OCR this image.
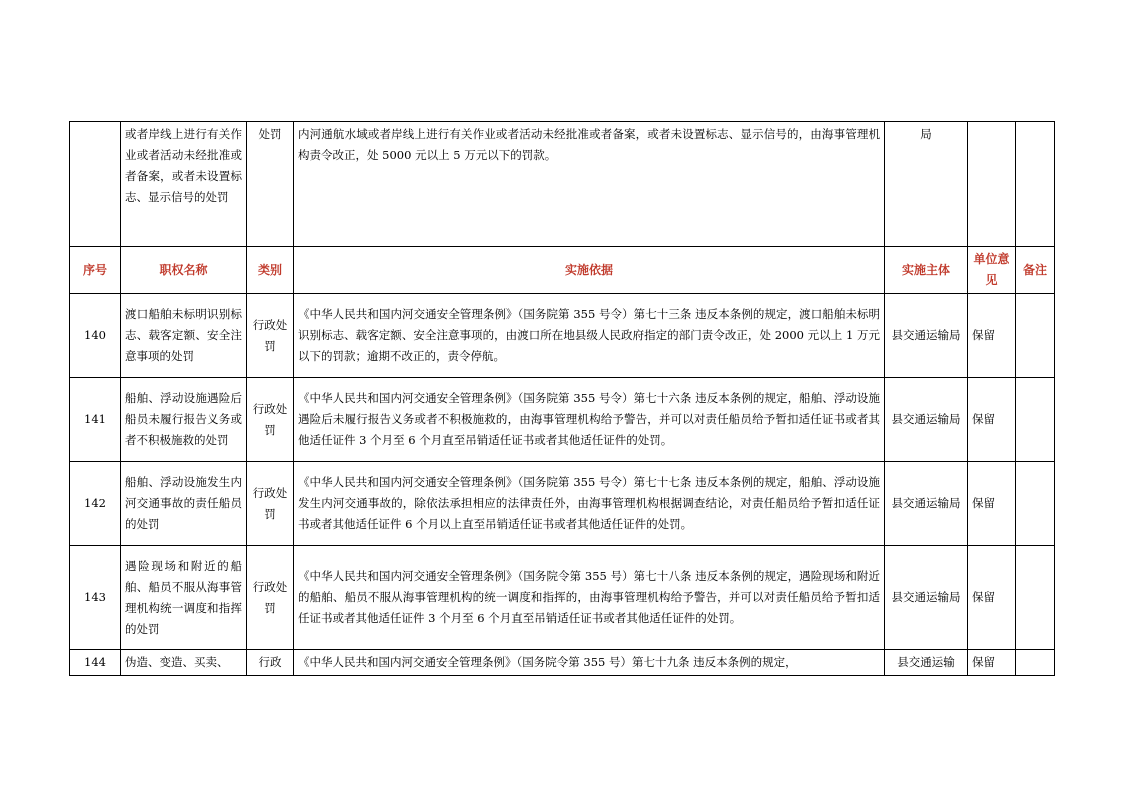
	或者岸线上进行有关作业或者活动未经批准或者备案，或者未设置标志、显示信号的处罚	处罚	内河通航水域或者岸线上进行有关作业或者活动未经批准或者备案，或者未设置标志、显示信号的，由海事管理机构责令改正，处 5000 元以上 5 万元以下的罚款。	局		
序号	职权名称	类别	实施依据	实施主体	单位意见	备注
140	渡口船舶未标明识别标志、载客定额、安全注意事项的处罚	行政处罚	《中华人民共和国内河交通安全管理条例》（国务院第 355 号令）第七十三条 违反本条例的规定，渡口船舶未标明识别标志、载客定额、安全注意事项的，由渡口所在地县级人民政府指定的部门责令改正，处 2000 元以上 1 万元以下的罚款；逾期不改正的，责令停航。	县交通运输局	保留	
141	船舶、浮动设施遇险后船员未履行报告义务或者不积极施救的处罚	行政处罚	《中华人民共和国内河交通安全管理条例》（国务院第 355 号令）第七十六条 违反本条例的规定，船舶、浮动设施遇险后未履行报告义务或者不积极施救的，由海事管理机构给予警告，并可以对责任船员给予暂扣适任证书或者其他适任证件 3 个月至 6 个月直至吊销适任证书或者其他适任证件的处罚。	县交通运输局	保留	
142	船舶、浮动设施发生内河交通事故的责任船员的处罚	行政处罚	《中华人民共和国内河交通安全管理条例》（国务院第 355 号令）第七十七条 违反本条例的规定，船舶、浮动设施发生内河交通事故的，除依法承担相应的法律责任外，由海事管理机构根据调查结论，对责任船员给予暂扣适任证书或者其他适任证件 6 个月以上直至吊销适任证书或者其他适任证件的处罚。	县交通运输局	保留	
143	遇险现场和附近的船舶、船员不服从海事管理机构统一调度和指挥的处罚	行政处罚	《中华人民共和国内河交通安全管理条例》（国务院令第 355 号）第七十八条 违反本条例的规定，遇险现场和附近的船舶、船员不服从海事管理机构的统一调度和指挥的，由海事管理机构给予警告，并可以对责任船员给予暂扣适任证书或者其他适任证件 3 个月至 6 个月直至吊销适任证书或者其他适任证件的处罚。	县交通运输局	保留	
144	伪造、变造、买卖、	行政	《中华人民共和国内河交通安全管理条例》（国务院令第 355 号）第七十九条 违反本条例的规定，	县交通运输	保留	
